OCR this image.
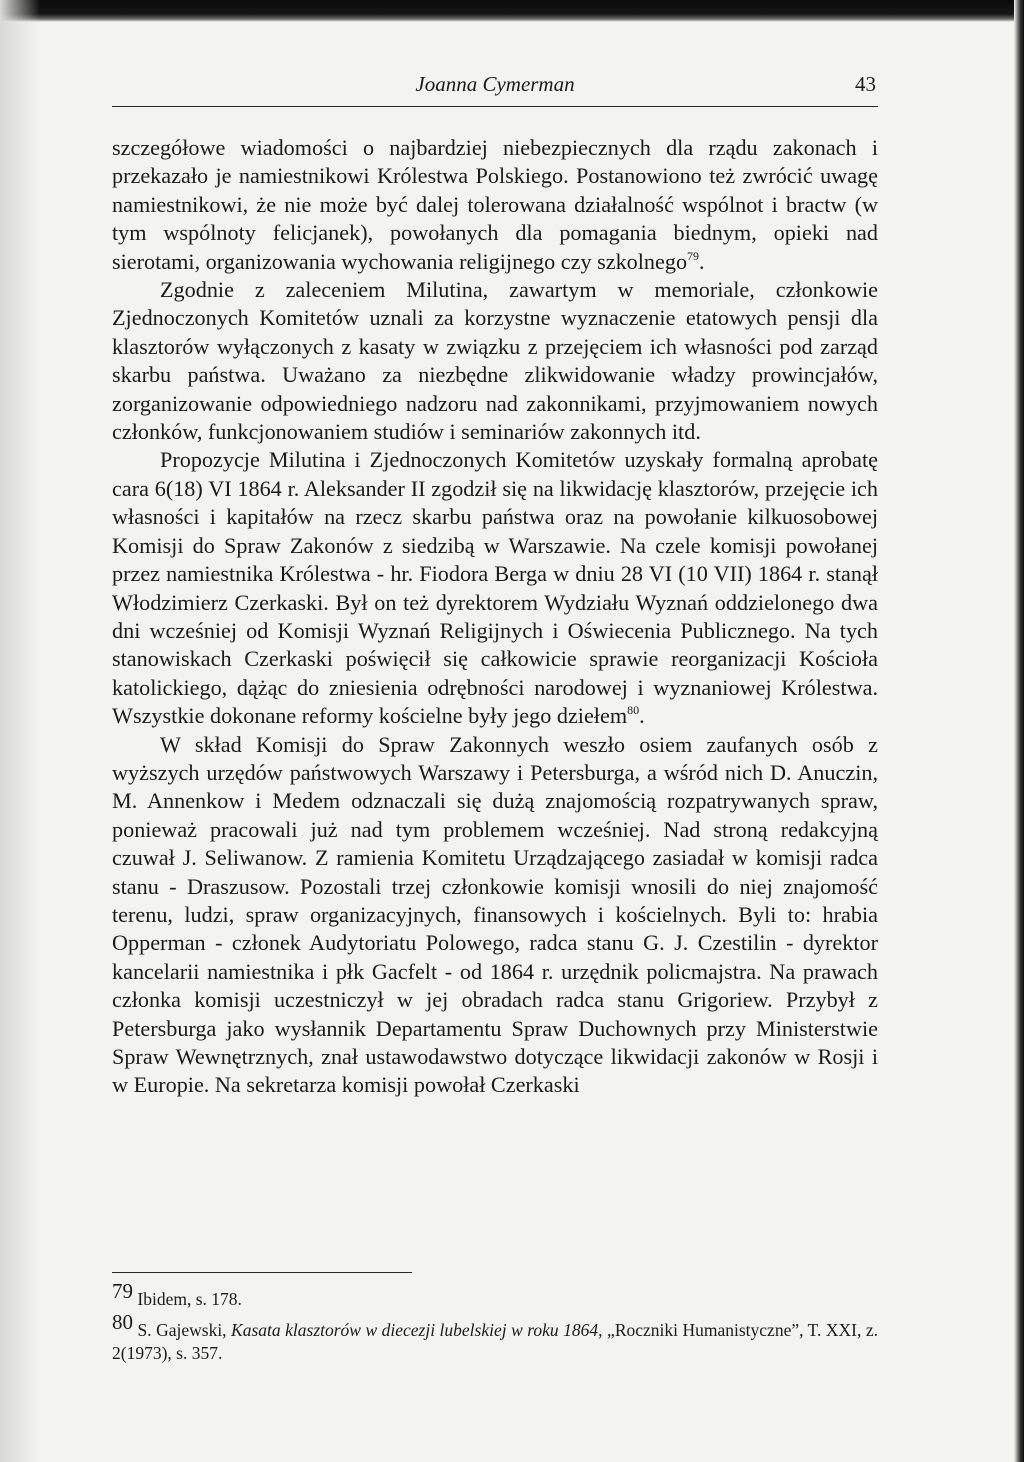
Joanna Cymerman	43

szczegółowe wiadomości o najbardziej niebezpiecznych dla rządu zakonach i przekazało je namiestnikowi Królestwa Polskiego. Postanowiono też zwrócić uwagę namiestnikowi, że nie może być dalej tolerowana działalność wspólnot i bractw (w tym wspólnoty felicjanek), powołanych dla pomagania biednym, opieki nad sierotami, organizowania wychowania religijnego czy szkolnego$^{79}$.

Zgodnie z zaleceniem Milutina, zawartym w memoriale, członkowie Zjednoczonych Komitetów uznali za korzystne wyznaczenie etatowych pensji dla klasztorów wyłączonych z kasaty w związku z przejęciem ich własności pod zarząd skarbu państwa. Uważano za niezbędne zlikwidowanie władzy prowincjałów, zorganizowanie odpowiedniego nadzoru nad zakonnikami, przyjmowaniem nowych członków, funkcjonowaniem studiów i seminariów zakonnych itd.

Propozycje Milutina i Zjednoczonych Komitetów uzyskały formalną aprobatę cara 6(18) VI 1864 r. Aleksander II zgodził się na likwidację klasztorów, przejęcie ich własności i kapitałów na rzecz skarbu państwa oraz na powołanie kilkuosobowej Komisji do Spraw Zakonów z siedzibą w Warszawie. Na czele komisji powołanej przez namiestnika Królestwa - hr. Fiodora Berga w dniu 28 VI (10 VII) 1864 r. stanął Włodzimierz Czerkaski. Był on też dyrektorem Wydziału Wyznań oddzielonego dwa dni wcześniej od Komisji Wyznań Religijnych i Oświecenia Publicznego. Na tych stanowiskach Czerkaski poświęcił się całkowicie sprawie reorganizacji Kościoła katolickiego, dążąc do zniesienia odrębności narodowej i wyznaniowej Królestwa. Wszystkie dokonane reformy kościelne były jego dziełem$^{80}$.

W skład Komisji do Spraw Zakonnych weszło osiem zaufanych osób z wyższych urzędów państwowych Warszawy i Petersburga, a wśród nich D. Anuczin, M. Annenkow i Medem odznaczali się dużą znajomością rozpatrywanych spraw, ponieważ pracowali już nad tym problemem wcześniej. Nad stroną redakcyjną czuwał J. Seliwanow. Z ramienia Komitetu Urządzającego zasiadał w komisji radca stanu - Draszusow. Pozostali trzej członkowie komisji wnosili do niej znajomość terenu, ludzi, spraw organizacyjnych, finansowych i kościelnych. Byli to: hrabia Opperman - członek Audytoriatu Polowego, radca stanu G. J. Czestilin - dyrektor kancelarii namiestnika i płk Gacfelt - od 1864 r. urzędnik policmajstra. Na prawach członka komisji uczestniczył w jej obradach radca stanu Grigoriew. Przybył z Petersburga jako wysłannik Departamentu Spraw Duchownych przy Ministerstwie Spraw Wewnętrznych, znał ustawodawstwo dotyczące likwidacji zakonów w Rosji i w Europie. Na sekretarza komisji powołał Czerkaski

$^{79}$ Ibidem, s. 178.

$^{80}$ S. Gajewski, Kasata klasztorów w diecezji lubelskiej w roku 1864, „Roczniki Humanistyczne”, T. XXI, z. 2(1973), s. 357.
